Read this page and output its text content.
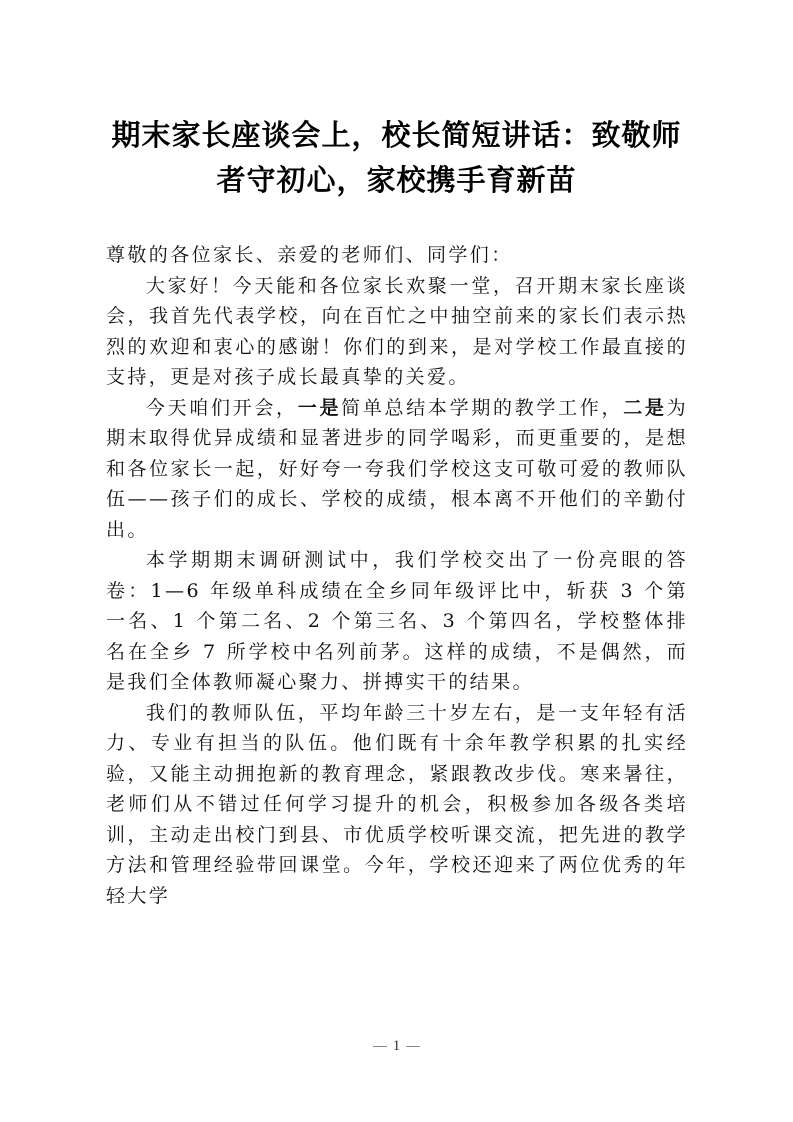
期末家长座谈会上，校长简短讲话：致敬师者守初心，家校携手育新苗

尊敬的各位家长、亲爱的老师们、同学们：

大家好！今天能和各位家长欢聚一堂，召开期末家长座谈会，我首先代表学校，向在百忙之中抽空前来的家长们表示热烈的欢迎和衷心的感谢！你们的到来，是对学校工作最直接的支持，更是对孩子成长最真挚的关爱。

今天咱们开会，一是简单总结本学期的教学工作，二是为期末取得优异成绩和显著进步的同学喝彩，而更重要的，是想和各位家长一起，好好夸一夸我们学校这支可敬可爱的教师队伍——孩子们的成长、学校的成绩，根本离不开他们的辛勤付出。

本学期期末调研测试中，我们学校交出了一份亮眼的答卷：1—6 年级单科成绩在全乡同年级评比中，斩获 3 个第一名、1 个第二名、2 个第三名、3 个第四名，学校整体排名在全乡 7 所学校中名列前茅。这样的成绩，不是偶然，而是我们全体教师凝心聚力、拼搏实干的结果。

我们的教师队伍，平均年龄三十岁左右，是一支年轻有活力、专业有担当的队伍。他们既有十余年教学积累的扎实经验，又能主动拥抱新的教育理念，紧跟教改步伐。寒来暑往，老师们从不错过任何学习提升的机会，积极参加各级各类培训，主动走出校门到县、市优质学校听课交流，把先进的教学方法和管理经验带回课堂。今年，学校还迎来了两位优秀的年轻大学

1
